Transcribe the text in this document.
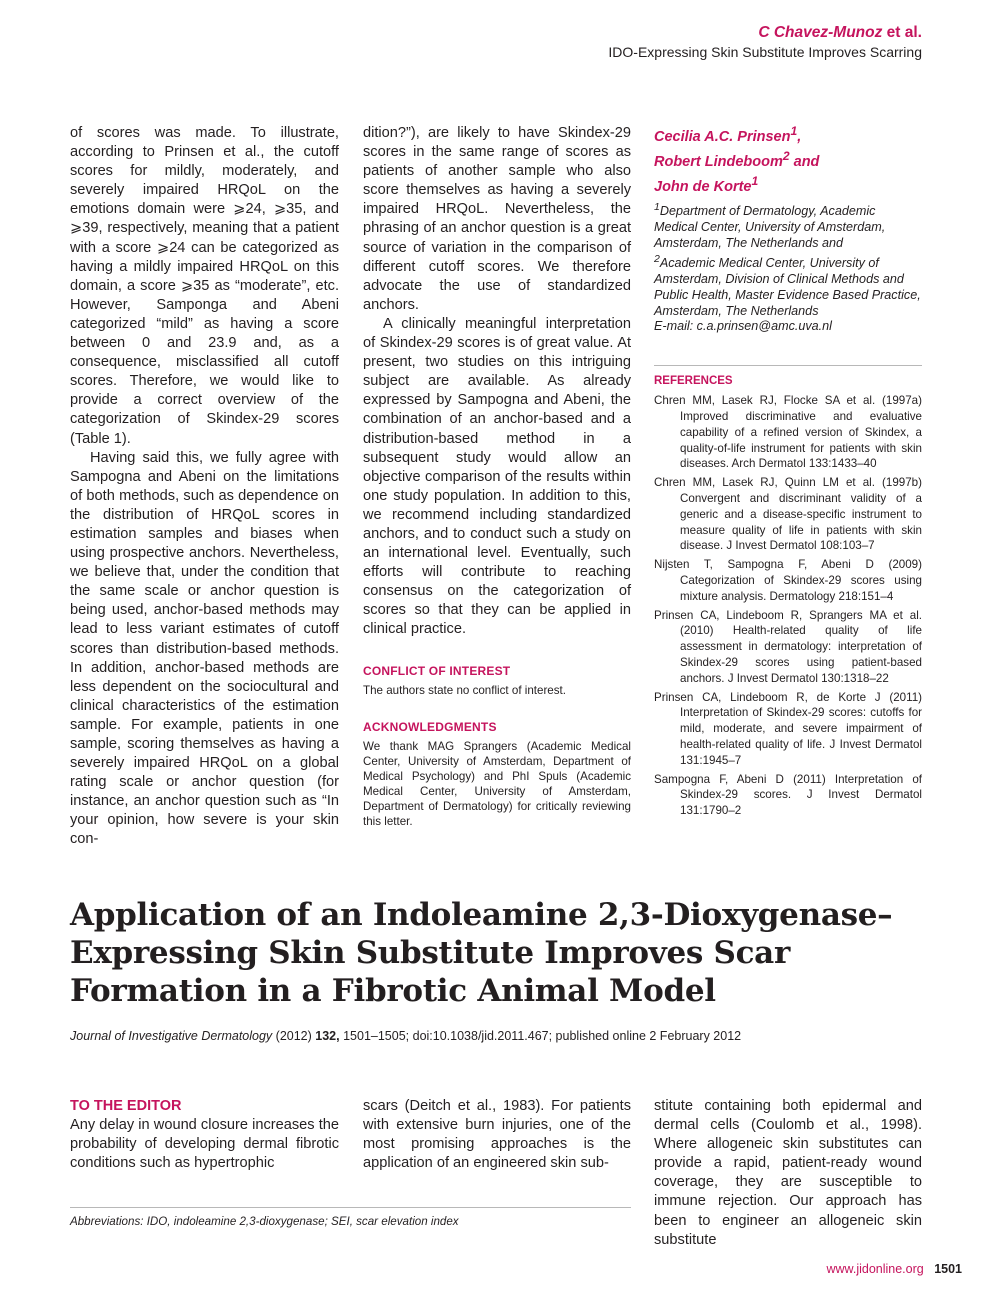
C Chavez-Munoz et al.
IDO-Expressing Skin Substitute Improves Scarring

of scores was made. To illustrate, according to Prinsen et al., the cutoff scores for mildly, moderately, and severely impaired HRQoL on the emotions domain were ⩾24, ⩾35, and ⩾39, respectively, meaning that a patient with a score ⩾24 can be categorized as having a mildly impaired HRQoL on this domain, a score ⩾35 as “moderate”, etc. However, Samponga and Abeni categorized “mild” as having a score between 0 and 23.9 and, as a consequence, misclassified all cutoff scores. Therefore, we would like to provide a correct overview of the categorization of Skindex-29 scores (Table 1).

Having said this, we fully agree with Sampogna and Abeni on the limitations of both methods, such as dependence on the distribution of HRQoL scores in estimation samples and biases when using prospective anchors. Nevertheless, we believe that, under the condition that the same scale or anchor question is being used, anchor-based methods may lead to less variant estimates of cutoff scores than distribution-based methods. In addition, anchor-based methods are less dependent on the sociocultural and clinical characteristics of the estimation sample. For example, patients in one sample, scoring themselves as having a severely impaired HRQoL on a global rating scale or anchor question (for instance, an anchor question such as “In your opinion, how severe is your skin con-

dition?”), are likely to have Skindex-29 scores in the same range of scores as patients of another sample who also score themselves as having a severely impaired HRQoL. Nevertheless, the phrasing of an anchor question is a great source of variation in the comparison of different cutoff scores. We therefore advocate the use of standardized anchors.

A clinically meaningful interpretation of Skindex-29 scores is of great value. At present, two studies on this intriguing subject are available. As already expressed by Sampogna and Abeni, the combination of an anchor-based and a distribution-based method in a subsequent study would allow an objective comparison of the results within one study population. In addition to this, we recommend including standardized anchors, and to conduct such a study on an international level. Eventually, such efforts will contribute to reaching consensus on the categorization of scores so that they can be applied in clinical practice.

CONFLICT OF INTEREST
The authors state no conflict of interest.
ACKNOWLEDGMENTS
We thank MAG Sprangers (Academic Medical Center, University of Amsterdam, Department of Medical Psychology) and PhI Spuls (Academic Medical Center, University of Amsterdam, Department of Dermatology) for critically reviewing this letter.
Cecilia A.C. Prinsen$^1$,
Robert Lindeboom$^2$ and
John de Korte$^1$
$^1$Department of Dermatology, Academic Medical Center, University of Amsterdam, Amsterdam, The Netherlands and
$^2$Academic Medical Center, University of Amsterdam, Division of Clinical Methods and Public Health, Master Evidence Based Practice, Amsterdam, The Netherlands
E-mail: c.a.prinsen@amc.uva.nl
REFERENCES
Chren MM, Lasek RJ, Flocke SA et al. (1997a) Improved discriminative and evaluative capability of a refined version of Skindex, a quality-of-life instrument for patients with skin diseases. Arch Dermatol 133:1433–40
Chren MM, Lasek RJ, Quinn LM et al. (1997b) Convergent and discriminant validity of a generic and a disease-specific instrument to measure quality of life in patients with skin disease. J Invest Dermatol 108:103–7
Nijsten T, Sampogna F, Abeni D (2009) Categorization of Skindex-29 scores using mixture analysis. Dermatology 218:151–4
Prinsen CA, Lindeboom R, Sprangers MA et al. (2010) Health-related quality of life assessment in dermatology: interpretation of Skindex-29 scores using patient-based anchors. J Invest Dermatol 130:1318–22
Prinsen CA, Lindeboom R, de Korte J (2011) Interpretation of Skindex-29 scores: cutoffs for mild, moderate, and severe impairment of health-related quality of life. J Invest Dermatol 131:1945–7
Sampogna F, Abeni D (2011) Interpretation of Skindex-29 scores. J Invest Dermatol 131:1790–2
Application of an Indoleamine 2,3-Dioxygenase–Expressing Skin Substitute Improves Scar Formation in a Fibrotic Animal Model
Journal of Investigative Dermatology (2012) 132, 1501–1505; doi:10.1038/jid.2011.467; published online 2 February 2012
TO THE EDITOR

Any delay in wound closure increases the probability of developing dermal fibrotic conditions such as hypertrophic

scars (Deitch et al., 1983). For patients with extensive burn injuries, one of the most promising approaches is the application of an engineered skin sub-

stitute containing both epidermal and dermal cells (Coulomb et al., 1998). Where allogeneic skin substitutes can provide a rapid, patient-ready wound coverage, they are susceptible to immune rejection. Our approach has been to engineer an allogeneic skin substitute

Abbreviations: IDO, indoleamine 2,3-dioxygenase; SEI, scar elevation index
www.jidonline.org 1501
